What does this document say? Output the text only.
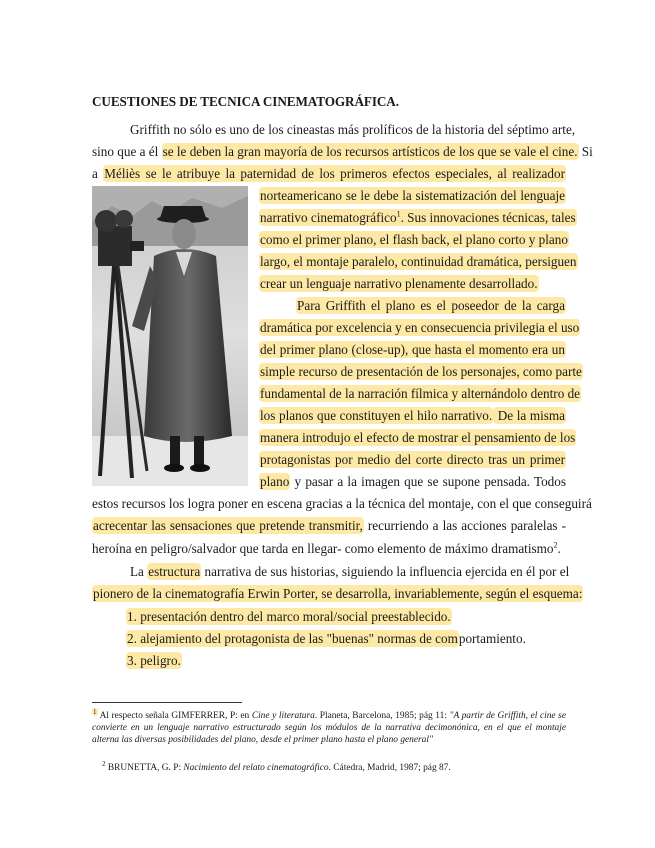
CUESTIONES DE TECNICA CINEMATOGRÁFICA.

Griffith no sólo es uno de los cineastas más prolíficos de la historia del séptimo arte,

sino que a él se le deben la gran mayoría de los recursos artísticos de los que se vale el cine. Si

a Méliès se le atribuye la paternidad de los primeros efectos especiales, al realizador

norteamericano se le debe la sistematización del lenguaje

narrativo cinematográfico$^1$. Sus innovaciones técnicas, tales

como el primer plano, el flash back, el plano corto y plano

largo, el montaje paralelo, continuidad dramática, persiguen

crear un lenguaje narrativo plenamente desarrollado.

Para Griffith el plano es el poseedor de la carga

dramática por excelencia y en consecuencia privilegia el uso

del primer plano (close-up), que hasta el momento era un

simple recurso de presentación de los personajes, como parte

fundamental de la narración fílmica y alternándolo dentro de

los planos que constituyen el hilo narrativo. De la misma

manera introdujo el efecto de mostrar el pensamiento de los

protagonistas por medio del corte directo tras un primer

plano y pasar a la imagen que se supone pensada. Todos

estos recursos los logra poner en escena gracias a la técnica del montaje, con el que conseguirá

acrecentar las sensaciones que pretende transmitir, recurriendo a las acciones paralelas -

heroína en peligro/salvador que tarda en llegar- como elemento de máximo dramatismo$^2$.

La estructura narrativa de sus historias, siguiendo la influencia ejercida en él por el

pionero de la cinematografía Erwin Porter, se desarrolla, invariablemente, según el esquema:

1. presentación dentro del marco moral/social preestablecido.

2. alejamiento del protagonista de las "buenas" normas de comportamiento.

3. peligro.

$^1$ Al respecto señala GIMFERRER, P: en Cine y literatura. Planeta, Barcelona, 1985; pág 11: "A partir de Griffith, el cine se convierte en un lenguaje narrativo estructurado según los módulos de la narrativa decimonónica, en el que el montaje alterna las diversas posibilidades del plano, desde el primer plano hasta el plano general"

$^2$ BRUNETTA, G. P: Nacimiento del relato cinematográfico. Cátedra, Madrid, 1987; pág 87.
